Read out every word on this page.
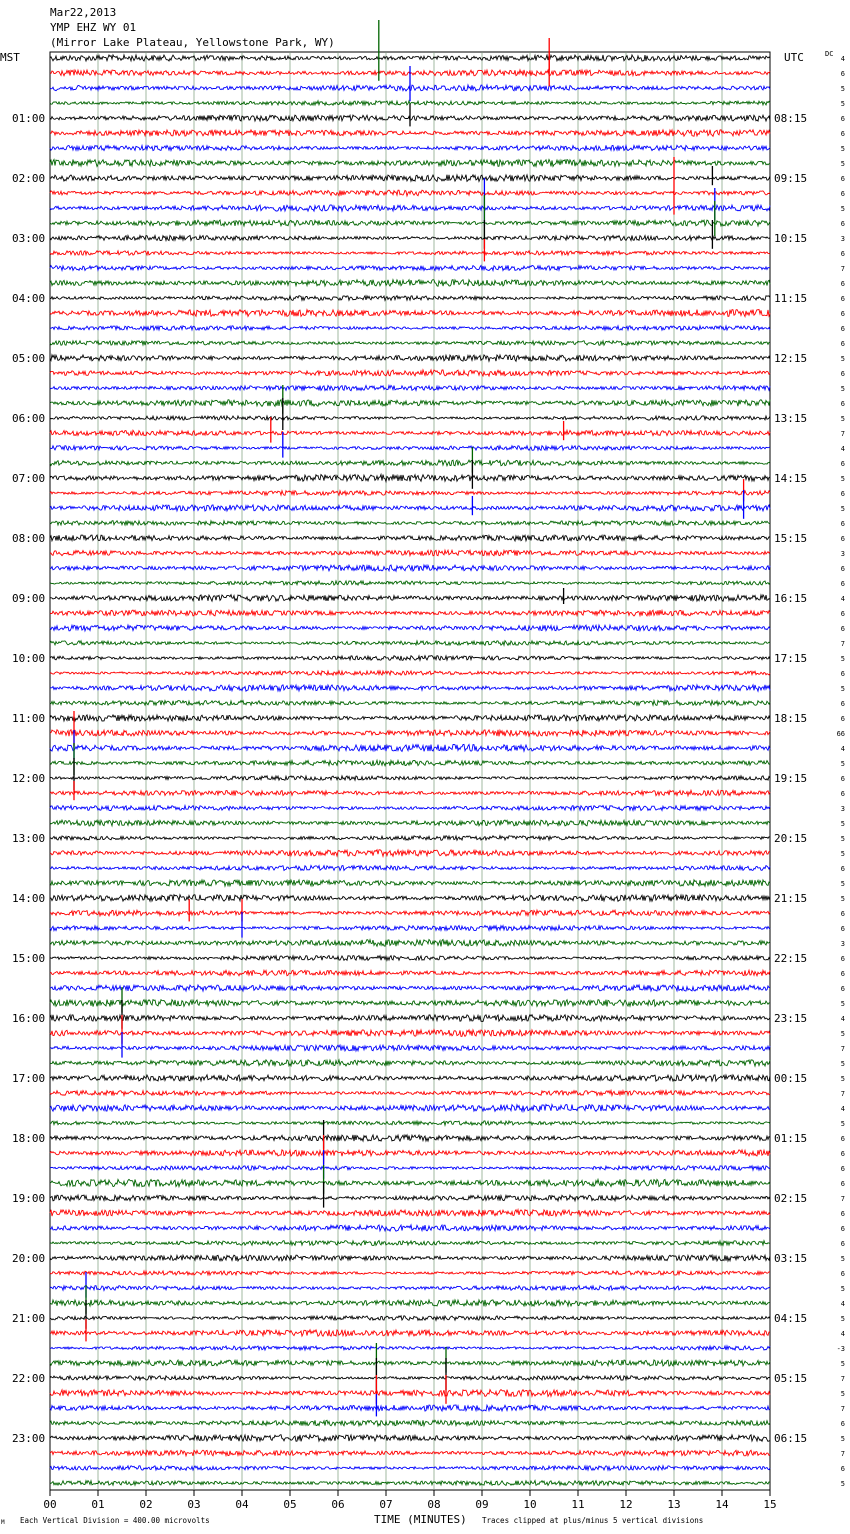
Mar22,2013
YMP EHZ WY 01
(Mirror Lake Plateau, Yellowstone Park, WY)
MST	UTC	DC
01:00
02:00
03:00
04:00
05:00
06:00
07:00
08:00
09:00
10:00
11:00
12:00
13:00
14:00
15:00
16:00
17:00
18:00
19:00
20:00
21:00
22:00
23:00
08:15
09:15
10:15
11:15
12:15
13:15
14:15
15:15
16:15
17:15
18:15
19:15
20:15
21:15
22:15
23:15
00:15
01:15
02:15
03:15
04:15
05:15
06:15
4
6
5
5
6
6
5
5
6
6
5
6
3
6
7
6
6
6
6
6
5
6
5
6
5
7
4
6
5
6
5
6
6
3
6
6
4
6
6
7
5
6
5
6
6
66
4
5
6
6
3
5
5
5
6
5
5
6
6
3
6
6
6
5
4
5
7
5
5
7
4
5
6
6
6
6
7
6
6
6
5
6
5
4
5
4
-3
5
7
5
7
6
5
7
6
5
00	01	02	03	04	05	06	07	08	09	10	11	12	13	14	15
TIME (MINUTES)
M Each Vertical Division = 400.00 microvolts	Traces clipped at plus/minus 5 vertical divisions
